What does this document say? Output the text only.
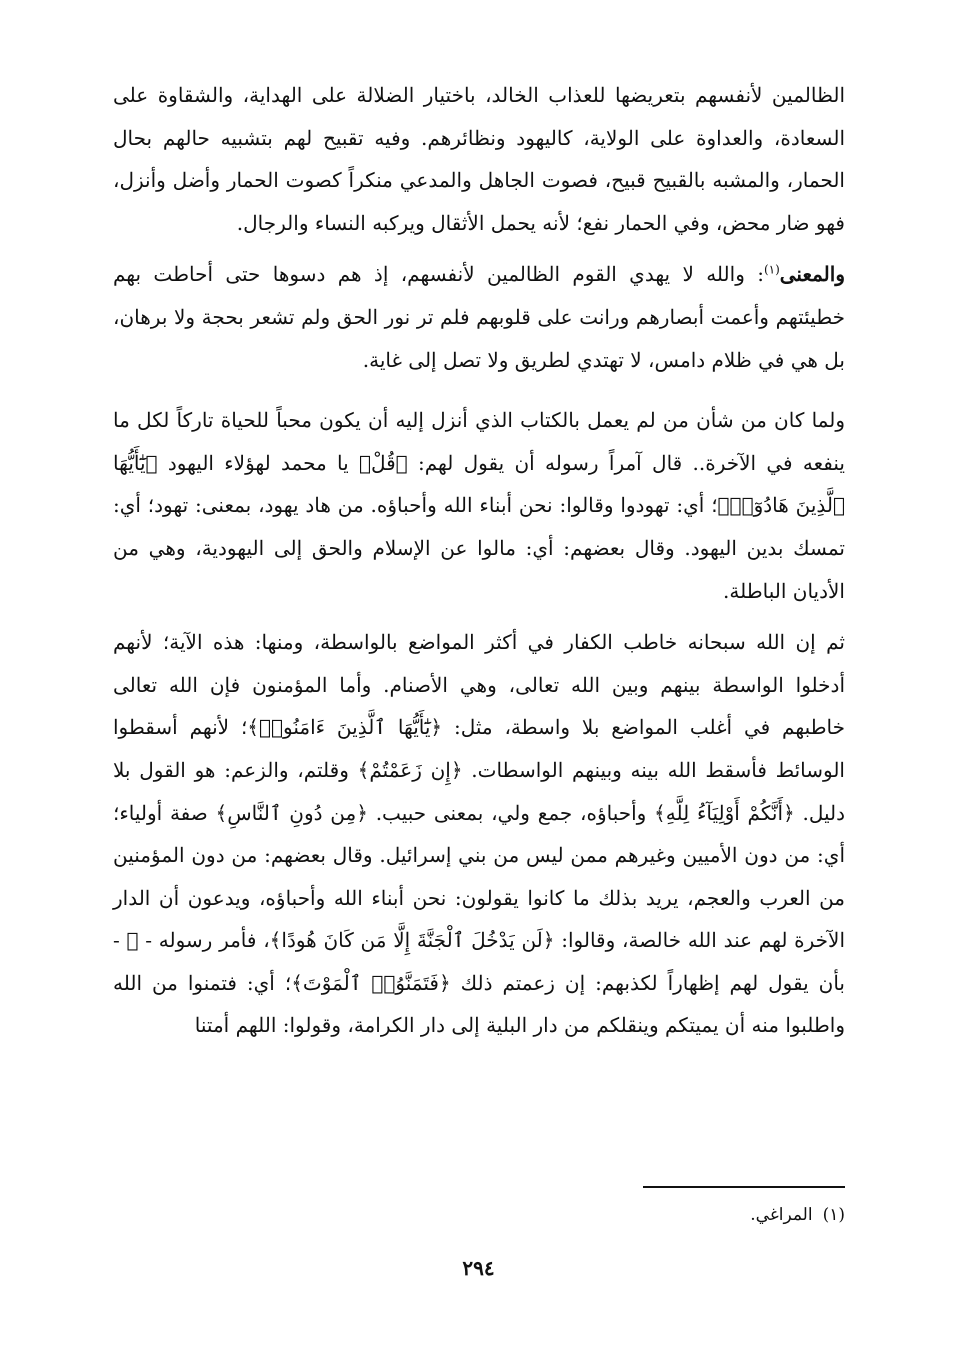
الظالمين لأنفسهم بتعريضها للعذاب الخالد، باختيار الضلالة على الهداية، والشقاوة على السعادة، والعداوة على الولاية، كاليهود ونظائرهم. وفيه تقبيح لهم بتشبيه حالهم بحال الحمار، والمشبه بالقبيح قبيح، فصوت الجاهل والمدعي منكراً كصوت الحمار وأضل وأنزل، فهو ضار محض، وفي الحمار نفع؛ لأنه يحمل الأثقال ويركبه النساء والرجال.

والمعنى$^{(١)}$: والله لا يهدي القوم الظالمين لأنفسهم، إذ هم دسوها حتى أحاطت بهم خطيئتهم وأعمت أبصارهم ورانت على قلوبهم فلم تر نور الحق ولم تشعر بحجة ولا برهان، بل هي في ظلام دامس، لا تهتدي لطريق ولا تصل إلى غاية.

ولما كان من شأن من لم يعمل بالكتاب الذي أنزل إليه أن يكون محباً للحياة تاركاً لكل ما ينفعه في الآخرة.. قال آمراً رسوله أن يقول لهم: ﴿قُلْ﴾ يا محمد لهؤلاء اليهود ﴿يَٰٓأَيُّهَا ٱلَّذِينَ هَادُوٓا۟﴾؛ أي: تهودوا وقالوا: نحن أبناء الله وأحباؤه. من هاد يهود، بمعنى: تهود؛ أي: تمسك بدين اليهود. وقال بعضهم: أي: مالوا عن الإسلام والحق إلى اليهودية، وهي من الأديان الباطلة.

ثم إن الله سبحانه خاطب الكفار في أكثر المواضع بالواسطة، ومنها: هذه الآية؛ لأنهم أدخلوا الواسطة بينهم وبين الله تعالى، وهي الأصنام. وأما المؤمنون فإن الله تعالى خاطبهم في أغلب المواضع بلا واسطة، مثل: ﴿يَٰٓأَيُّهَا ٱلَّذِينَ ءَامَنُوا۟﴾؛ لأنهم أسقطوا الوسائط فأسقط الله بينه وبينهم الواسطات. ﴿إِن زَعَمْتُمْ﴾ وقلتم، والزعم: هو القول بلا دليل. ﴿أَنَّكُمْ أَوْلِيَآءُ لِلَّهِ﴾ وأحباؤه، جمع ولي، بمعنى حبيب. ﴿مِن دُونِ ٱلنَّاسِ﴾ صفة أولياء؛ أي: من دون الأميين وغيرهم ممن ليس من بني إسرائيل. وقال بعضهم: من دون المؤمنين من العرب والعجم، يريد بذلك ما كانوا يقولون: نحن أبناء الله وأحباؤه، ويدعون أن الدار الآخرة لهم عند الله خالصة، وقالوا: ﴿لَن يَدْخُلَ ٱلْجَنَّةَ إِلَّا مَن كَانَ هُودًا﴾، فأمر رسوله - ﷺ - بأن يقول لهم إظهاراً لكذبهم: إن زعمتم ذلك ﴿فَتَمَنَّوُا۟ ٱلْمَوْتَ﴾؛ أي: فتمنوا من الله واطلبوا منه أن يميتكم وينقلكم من دار البلية إلى دار الكرامة، وقولوا: اللهم أمتنا

(١)المراغي.
٢٩٤
